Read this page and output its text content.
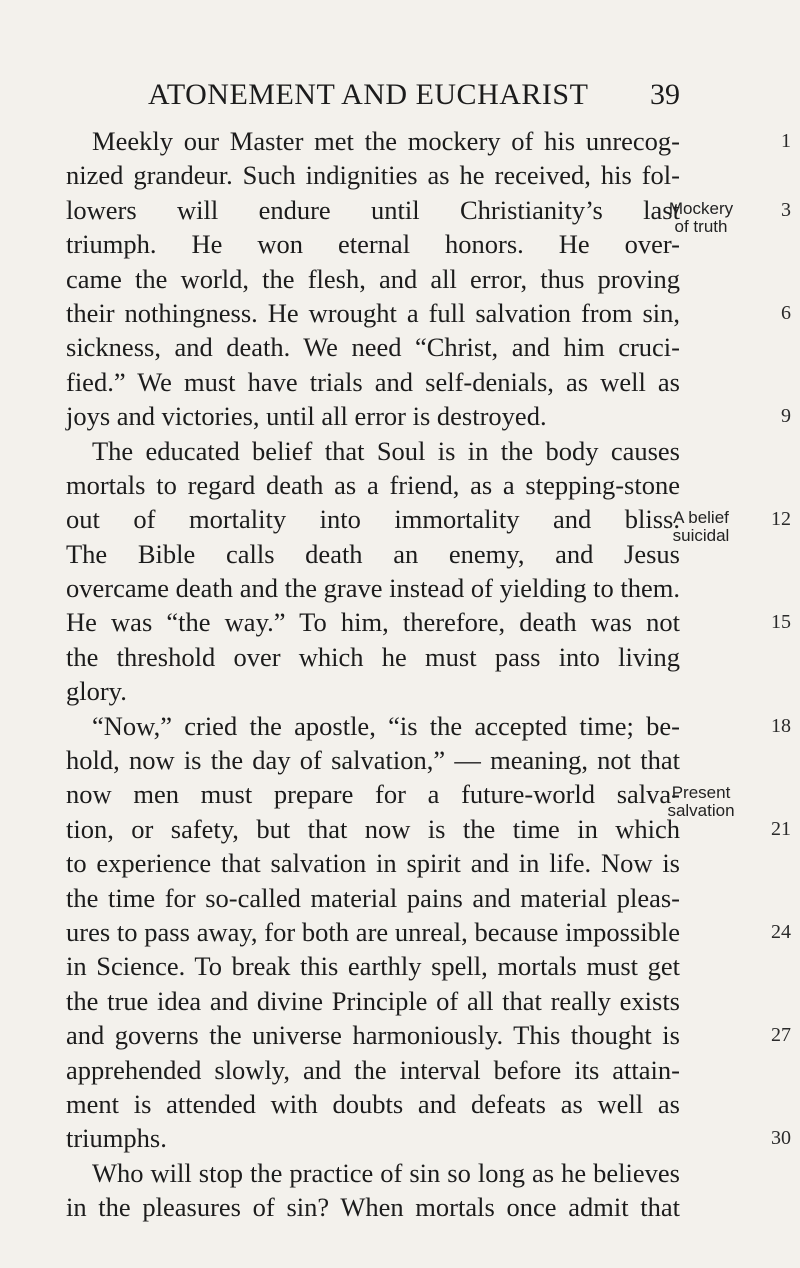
ATONEMENT AND EUCHARIST 39
Meekly our Master met the mockery of his unrecog-
nized grandeur. Such indignities as he received, his fol-
lowers will endure until Christianity’s last
triumph. He won eternal honors. He over-
came the world, the flesh, and all error, thus proving
their nothingness. He wrought a full salvation from sin,
sickness, and death. We need “Christ, and him cruci-
fied.” We must have trials and self-denials, as well as
joys and victories, until all error is destroyed.
The educated belief that Soul is in the body causes
mortals to regard death as a friend, as a stepping-stone
out of mortality into immortality and bliss.
The Bible calls death an enemy, and Jesus
overcame death and the grave instead of yielding to them.
He was “the way.” To him, therefore, death was not
the threshold over which he must pass into living
glory.
“Now,” cried the apostle, “is the accepted time; be-
hold, now is the day of salvation,” — meaning, not that
now men must prepare for a future-world salva-
tion, or safety, but that now is the time in which
to experience that salvation in spirit and in life. Now is
the time for so-called material pains and material pleas-
ures to pass away, for both are unreal, because impossible
in Science. To break this earthly spell, mortals must get
the true idea and divine Principle of all that really exists
and governs the universe harmoniously. This thought is
apprehended slowly, and the interval before its attain-
ment is attended with doubts and defeats as well as
triumphs.
Who will stop the practice of sin so long as he believes
in the pleasures of sin? When mortals once admit that
1
3
Mockery
of truth
6
9
12
A belief
suicidal
15
18
Present
salvation
21
24
27
30
